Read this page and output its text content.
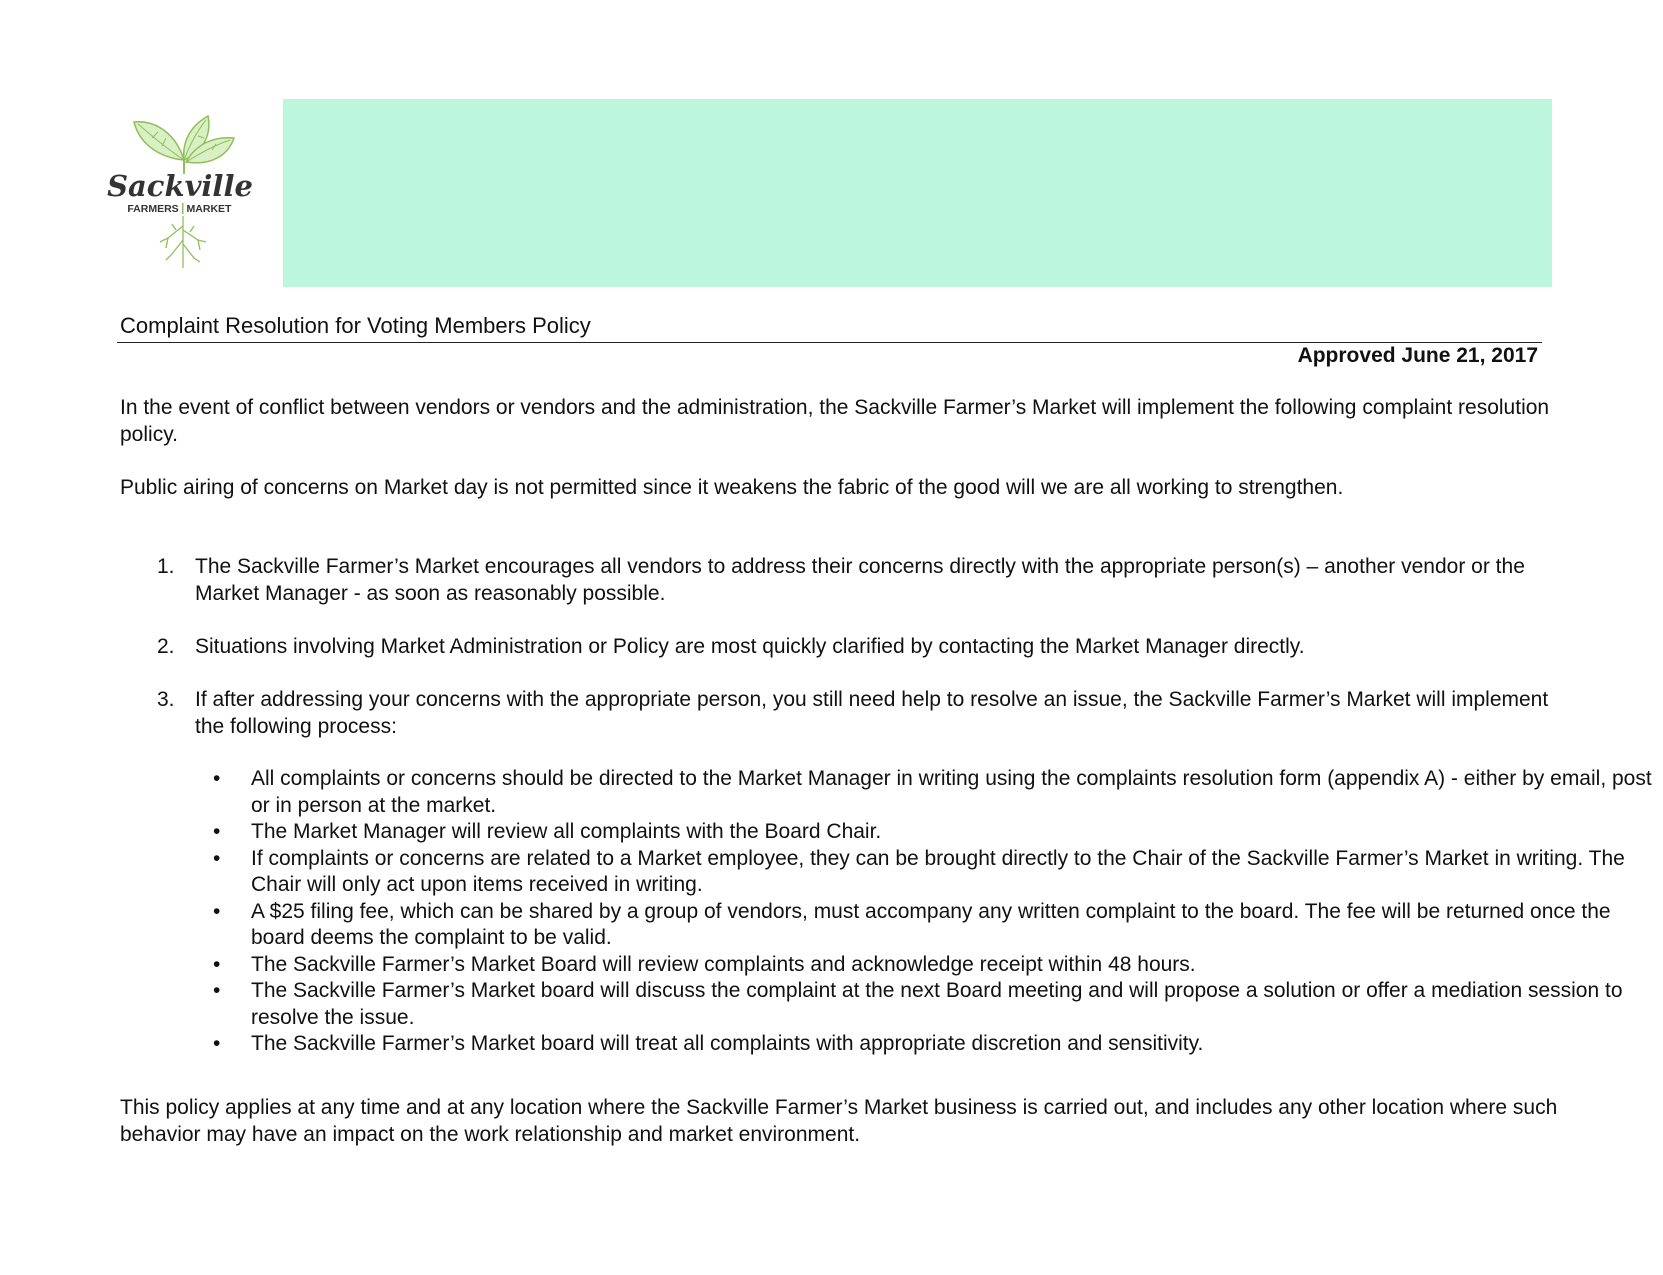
Sackville
FARMERS MARKET
Complaint Resolution for Voting Members Policy
Approved June 21, 2017

In the event of conflict between vendors or vendors and the administration, the Sackville Farmer’s Market will implement the following complaint resolution policy.

Public airing of concerns on Market day is not permitted since it weakens the fabric of the good will we are all working to strengthen.

1. The Sackville Farmer’s Market encourages all vendors to address their concerns directly with the appropriate person(s) – another vendor or the Market Manager - as soon as reasonably possible.
2. Situations involving Market Administration or Policy are most quickly clarified by contacting the Market Manager directly.
3. If after addressing your concerns with the appropriate person, you still need help to resolve an issue, the Sackville Farmer’s Market will implement the following process:
• All complaints or concerns should be directed to the Market Manager in writing using the complaints resolution form (appendix A) - either by email, post or in person at the market.
• The Market Manager will review all complaints with the Board Chair.
• If complaints or concerns are related to a Market employee, they can be brought directly to the Chair of the Sackville Farmer’s Market in writing. The Chair will only act upon items received in writing.
• A $25 filing fee, which can be shared by a group of vendors, must accompany any written complaint to the board. The fee will be returned once the board deems the complaint to be valid.
• The Sackville Farmer’s Market Board will review complaints and acknowledge receipt within 48 hours.
• The Sackville Farmer’s Market board will discuss the complaint at the next Board meeting and will propose a solution or offer a mediation session to resolve the issue.
• The Sackville Farmer’s Market board will treat all complaints with appropriate discretion and sensitivity.

This policy applies at any time and at any location where the Sackville Farmer’s Market business is carried out, and includes any other location where such behavior may have an impact on the work relationship and market environment.
